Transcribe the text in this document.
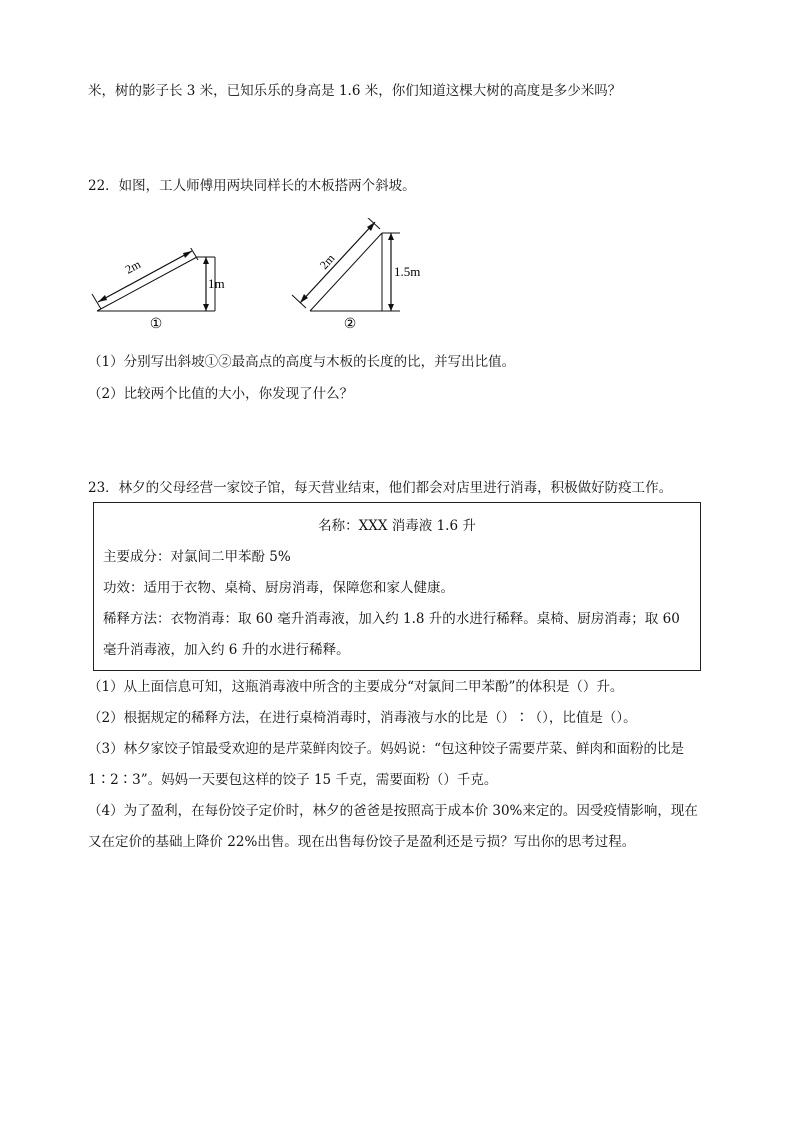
米，树的影子长 3 米，已知乐乐的身高是 1.6 米，你们知道这棵大树的高度是多少米吗？
22．如图，工人师傅用两块同样长的木板搭两个斜坡。
2m
1m
①
2m	1.5m
②
（1）分别写出斜坡①②最高点的高度与木板的长度的比，并写出比值。
（2）比较两个比值的大小，你发现了什么？
23．林夕的父母经营一家饺子馆，每天营业结束，他们都会对店里进行消毒，积极做好防疫工作。
名称：XXX 消毒液 1.6 升
主要成分：对氯间二甲苯酚 5%
功效：适用于衣物、桌椅、厨房消毒，保障您和家人健康。
稀释方法：衣物消毒：取 60 毫升消毒液，加入约 1.8 升的水进行稀释。桌椅、厨房消毒；取 60
毫升消毒液，加入约 6 升的水进行稀释。
（1）从上面信息可知，这瓶消毒液中所含的主要成分“对氯间二甲苯酚”的体积是（）升。
（2）根据规定的稀释方法，在进行桌椅消毒时，消毒液与水的比是（）∶（），比值是（）。
（3）林夕家饺子馆最受欢迎的是芹菜鲜肉饺子。妈妈说：“包这种饺子需要芹菜、鲜肉和面粉的比是
1∶2∶3”。妈妈一天要包这样的饺子 15 千克，需要面粉（）千克。
（4）为了盈利，在每份饺子定价时，林夕的爸爸是按照高于成本价 30%来定的。因受疫情影响，现在
又在定价的基础上降价 22%出售。现在出售每份饺子是盈利还是亏损？写出你的思考过程。
